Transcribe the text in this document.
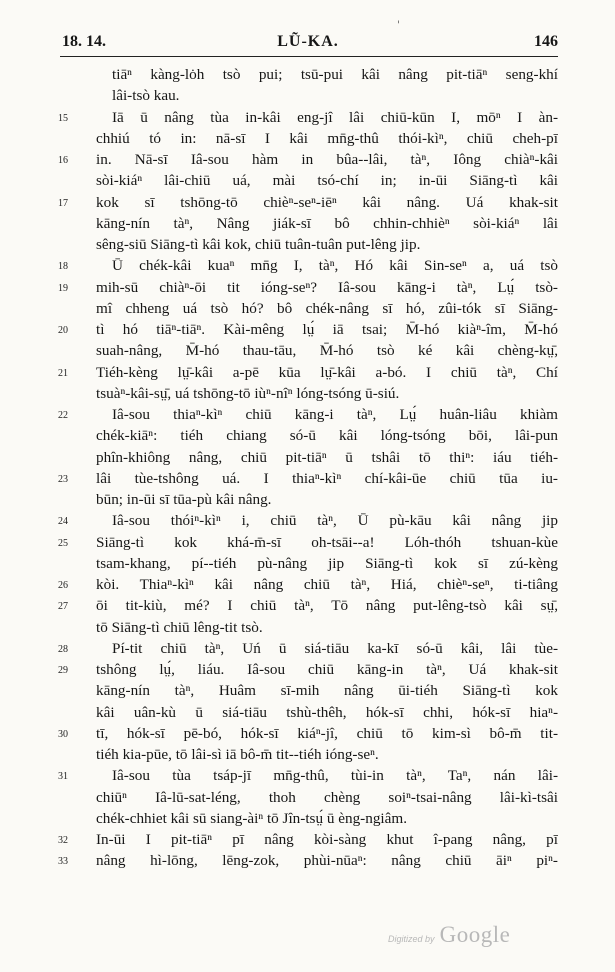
'
18. 14.	LŨ-KA.	146
tiāⁿ kàng-lȯh tsò pui; tsū-pui kâi nâng pit-tiāⁿ seng-khí
lâi-tsò kau.
15	Iā ū nâng tùa in-kâi eng-jî lâi chiū-kūn I, mōⁿ I àn-
chhiú tó in: nā-sī I kâi mn̄g-thû thói-kìⁿ, chiū cheh-pī
16	in. Nā-sī Iâ-sou hàm in bûa--lâi, tàⁿ, Iông chiàⁿ-kâi
sòi-kiáⁿ lâi-chiū uá, mài tsó-chí in; in-ūi Siāng-tì kâi
17	kok sī tshōng-tō chièⁿ-seⁿ-iēⁿ kâi nâng. Uá khak-sit
kāng-nín tàⁿ, Nâng jiák-sī bô chhin-chhièⁿ sòi-kiáⁿ lâi
sêng-siū Siāng-tì kâi kok, chiū tuân-tuân put-lêng jip.
18	Ū chék-kâi kuaⁿ mn̄g I, tàⁿ, Hó kâi Sin-seⁿ a, uá tsò
19	mih-sū chiàⁿ-ōi tit ióng-seⁿ? Iâ-sou kāng-i tàⁿ, Lṳ́ tsò-
mî chheng uá tsò hó? bô chék-nâng sī hó, zûi-tók sī Siāng-
20	tì hó tiāⁿ-tiāⁿ. Kài-mêng lṳ́ iā tsai; M̄-hó kiàⁿ-îm, M̄-hó
suah-nâng, M̄-hó thau-tāu, M̄-hó tsò ké kâi chèng-kṳ̄,
21	Tiéh-kèng lṳ̄-kâi a-pē kūa lṳ̄-kâi a-bó. I chiū tàⁿ, Chí
tsuàⁿ-kâi-sṳ̄, uá tshōng-tō iùⁿ-nîⁿ lóng-tsóng ū-siú.
22	Iâ-sou thiaⁿ-kìⁿ chiū kāng-i tàⁿ, Lṳ́ huân-liâu khiàm
chék-kiāⁿ: tiéh chiang só-ū kâi lóng-tsóng bōi, lâi-pun
phîn-khiông nâng, chiū pit-tiāⁿ ū tshâi tō thiⁿ: iáu tiéh-
23	lâi tùe-tshông uá. I thiaⁿ-kìⁿ chí-kâi-ūe chiū tūa iu-
būn; in-ūi sī tūa-pù kâi nâng.
24	Iâ-sou thóiⁿ-kìⁿ i, chiū tàⁿ, Ū pù-kāu kâi nâng jip
25	Siāng-tì kok khá-m̄-sī oh-tsāi--a! Lóh-thóh tshuan-kùe
tsam-khang, pí--tiéh pù-nâng jip Siāng-tì kok sī zú-kèng
26	kòi. Thiaⁿ-kìⁿ kâi nâng chiū tàⁿ, Hiá, chièⁿ-seⁿ, ti-tiâng
27	ōi tit-kiù, mé? I chiū tàⁿ, Tō nâng put-lêng-tsò kâi sṳ̄,
tō Siāng-tì chiū lêng-tit tsò.
28	Pí-tit chiū tàⁿ, Uń ū siá-tiāu ka-kī só-ū kâi, lâi tùe-
29	tshông lṳ́, liáu. Iâ-sou chiū kāng-in tàⁿ, Uá khak-sit
kāng-nín tàⁿ, Huâm sī-mih nâng ūi-tiéh Siāng-tì kok
kâi uân-kù ū siá-tiāu tshù-thêh, hók-sī chhi, hók-sī hiaⁿ-
30	tī, hók-sī pē-bó, hók-sī kiáⁿ-jî, chiū tō kim-sì bô-m̄ tit-
tiéh kia-pūe, tō lâi-sì iā bô-m̄ tit--tiéh ióng-seⁿ.
31	Iâ-sou tùa tsáp-jī mn̄g-thû, tùi-in tàⁿ, Taⁿ, nán lâi-
chiūⁿ Iâ-lū-sat-léng, thoh chèng soiⁿ-tsai-nâng lâi-kì-tsâi
chék-chhiet kâi sū siang-àiⁿ tō Jîn-tsṳ́ ū èng-ngiâm.
32	In-ūi I pit-tiāⁿ pī nâng kòi-sàng khut î-pang nâng, pī
33	nâng hì-lōng, lēng-zok, phùi-nūaⁿ: nâng chiū āiⁿ piⁿ-
Digitized by Google
